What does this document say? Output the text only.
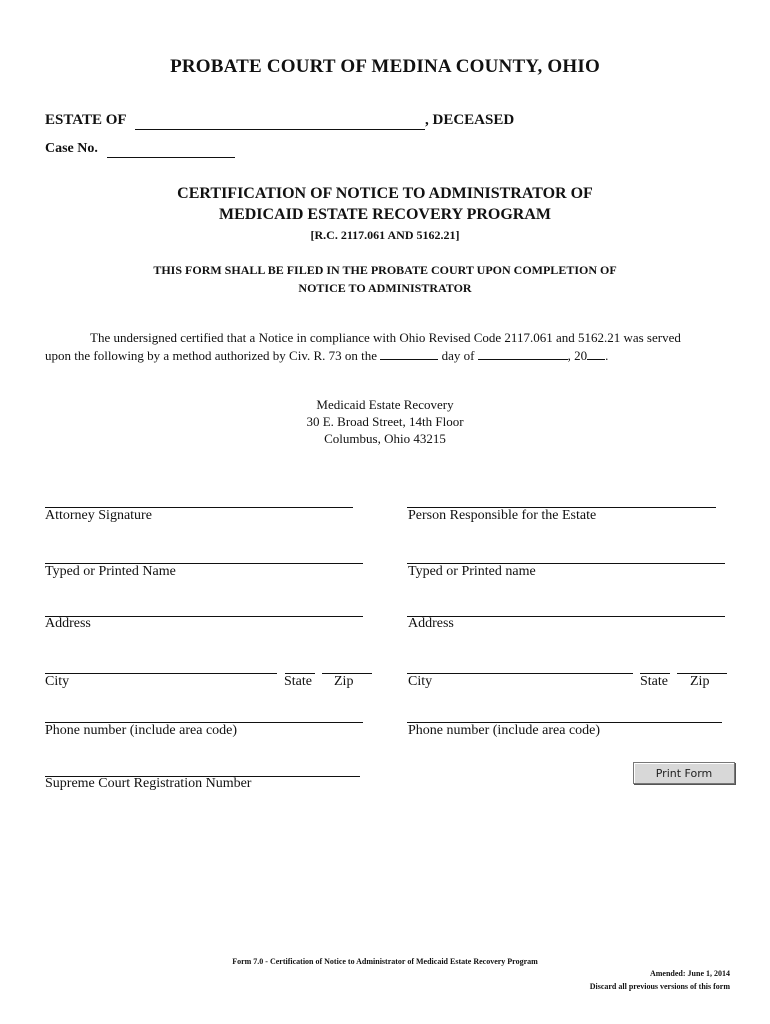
PROBATE COURT OF MEDINA COUNTY, OHIO
ESTATE OF	, DECEASED
Case No.
CERTIFICATION OF NOTICE TO ADMINISTRATOR OF
MEDICAID ESTATE RECOVERY PROGRAM
[R.C. 2117.061 AND 5162.21]
THIS FORM SHALL BE FILED IN THE PROBATE COURT UPON COMPLETION OF
NOTICE TO ADMINISTRATOR
The undersigned certified that a Notice in compliance with Ohio Revised Code 2117.061 and 5162.21 was served
upon the following by a method authorized by Civ. R. 73 on the	day of	, 20 .
Medicaid Estate Recovery
30 E. Broad Street, 14th Floor
Columbus, Ohio 43215
Attorney Signature
Typed or Printed Name
Address
City	State Zip
Phone number (include area code)
Supreme Court Registration Number
Person Responsible for the Estate
Typed or Printed name
Address
City	State Zip
Phone number (include area code)
Print Form
Form 7.0 - Certification of Notice to Administrator of Medicaid Estate Recovery Program
Amended: June 1, 2014
Discard all previous versions of this form
